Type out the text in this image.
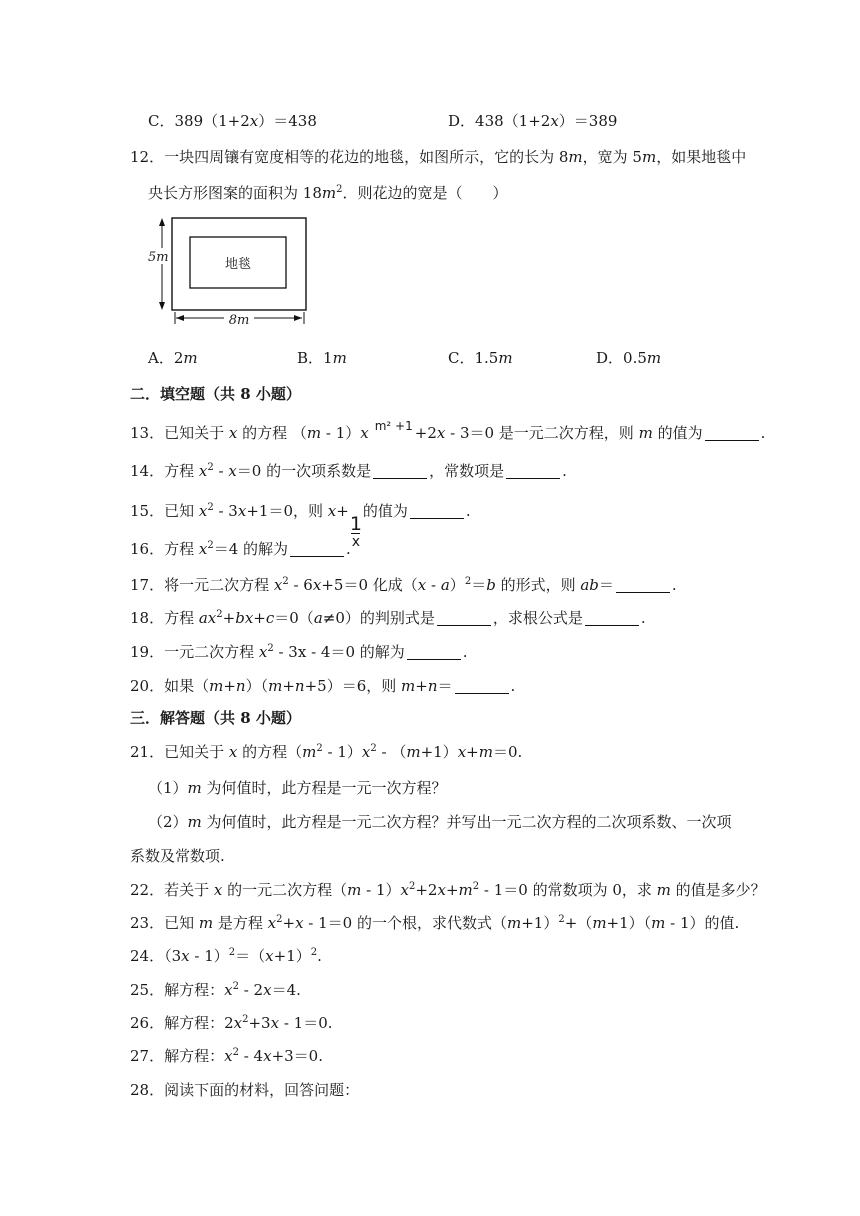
C．389（1+2x）＝438	D．438（1+2x）＝389
12．一块四周镶有宽度相等的花边的地毯，如图所示，它的长为 8m，宽为 5m，如果地毯中
央长方形图案的面积为 $18m^2$．则花边的宽是（　　）
地毯
5m
8m
A．2m	B．1m	C．1.5m	D．0.5m
二．填空题（共 8 小题）
13．已知关于 x 的方程 （m - 1）x $^{m^2 +1}$ +2x - 3＝0 是一元二次方程，则 m 的值为	.
14．方程 $x^2 - x=0$ 的一次项系数是	，常数项是	.
15．已知 $x^2 - 3x+1=0$，则 x+
$\frac{1}{x}$
的值为	.
16．方程 $x^2=4$ 的解为	.
17．将一元二次方程 $x^2 - 6x+5=0$ 化成（x - a）$^2$＝b 的形式，则 ab＝	.
18．方程 $ax^2+bx+c=0(a\ne 0)$的判别式是	，求根公式是	.
19．一元二次方程 $x^2 - 3x - 4=0$ 的解为	.
20．如果（m+n）（m+n+5）＝6，则 m+n＝	.
三．解答题（共 8 小题）
21．已知关于 x 的方程$(m^2 - 1)x^2 - (m+1)x+m=0$.
（1）m 为何值时，此方程是一元一次方程？
（2）m 为何值时，此方程是一元二次方程？并写出一元二次方程的二次项系数、一次项
系数及常数项.
22．若关于 x 的一元二次方程$(m - 1)x^2+2x+m^2 - 1=0$ 的常数项为 0，求 m 的值是多少？
23．已知 m 是方程 $x^2+x - 1=0$ 的一个根，求代数式$(m+1)^2+(m+1)(m - 1)$的值.
24．$(3x - 1)^2=(x+1)^2$.
25．解方程：$x^2 - 2x=4$.
26．解方程：$2x^2+3x - 1=0$.
27．解方程：$x^2 - 4x+3=0$.
28．阅读下面的材料，回答问题：
